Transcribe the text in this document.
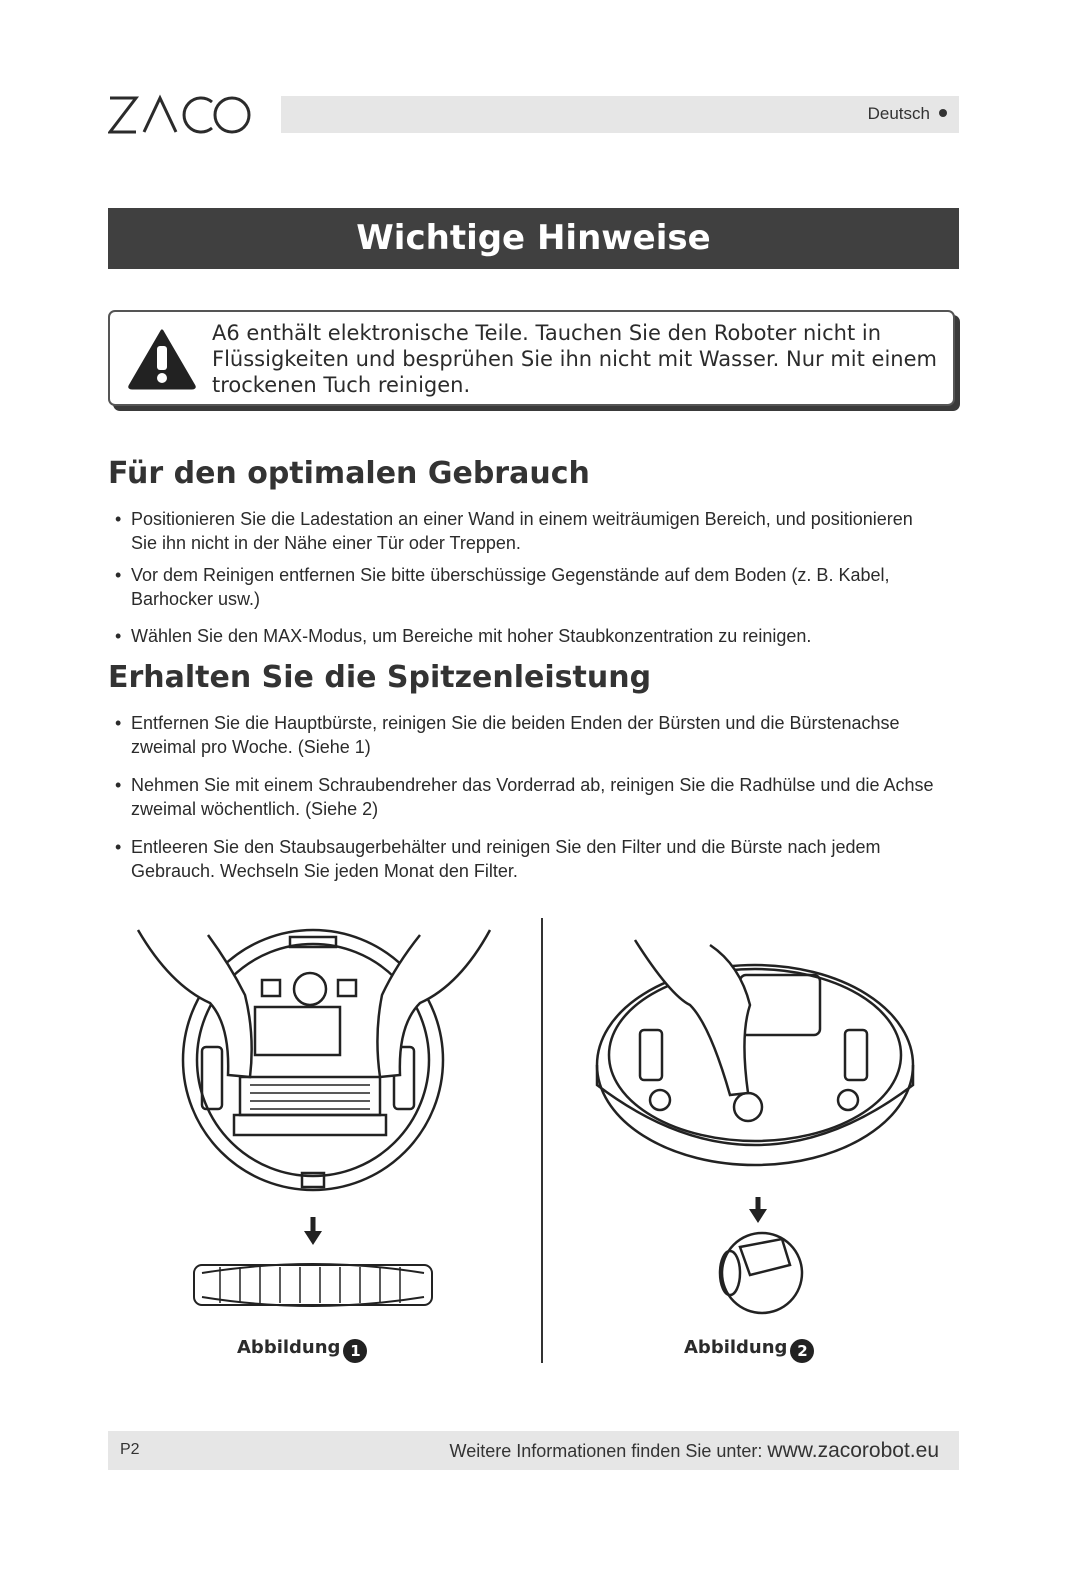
Deutsch
Wichtige Hinweise
A6 enthält elektronische Teile. Tauchen Sie den Roboter nicht in Flüssigkeiten und besprühen Sie ihn nicht mit Wasser. Nur mit einem trockenen Tuch reinigen.
Für den optimalen Gebrauch
• Positionieren Sie die Ladestation an einer Wand in einem weiträumigen Bereich, und positionieren Sie ihn nicht in der Nähe einer Tür oder Treppen.
• Vor dem Reinigen entfernen Sie bitte überschüssige Gegenstände auf dem Boden (z. B. Kabel, Barhocker usw.)
• Wählen Sie den MAX-Modus, um Bereiche mit hoher Staubkonzentration zu reinigen.
Erhalten Sie die Spitzenleistung
• Entfernen Sie die Hauptbürste, reinigen Sie die beiden Enden der Bürsten und die Bürstenachse zweimal pro Woche. (Siehe 1)
• Nehmen Sie mit einem Schraubendreher das Vorderrad ab, reinigen Sie die Radhülse und die Achse zweimal wöchentlich. (Siehe 2)
• Entleeren Sie den Staubsaugerbehälter und reinigen Sie den Filter und die Bürste nach jedem Gebrauch. Wechseln Sie jeden Monat den Filter.
Abbildung 1	Abbildung 2
P2	Weitere Informationen finden Sie unter: www.zacorobot.eu
